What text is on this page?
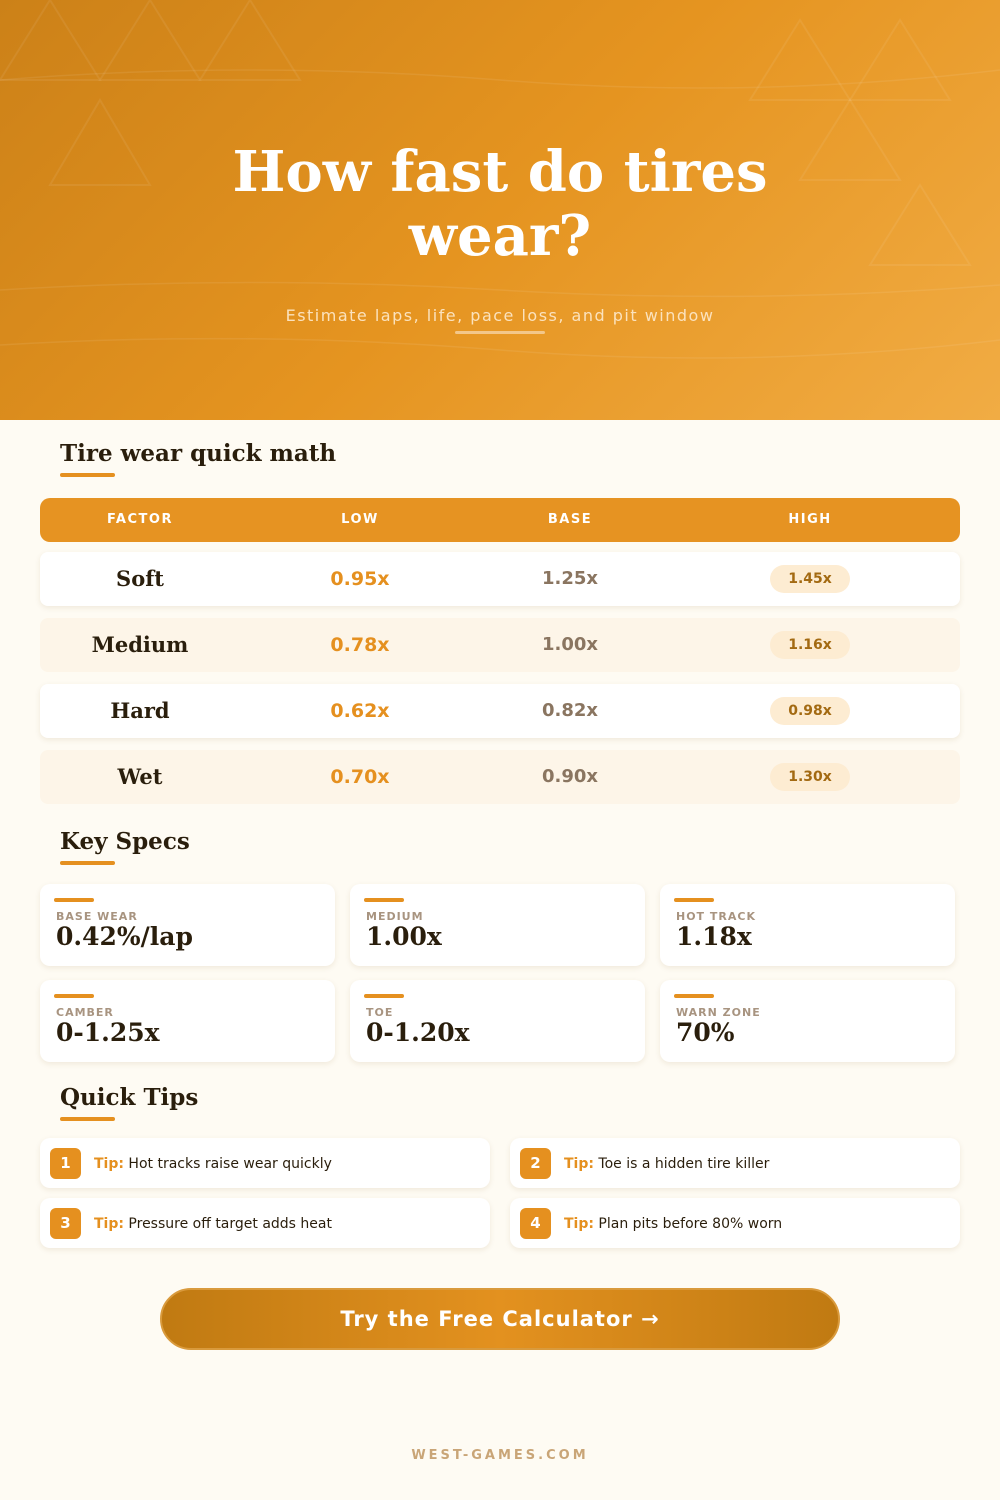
How fast do tires wear?
Estimate laps, life, pace loss, and pit window
Tire wear quick math
FACTOR	LOW	BASE	HIGH
Soft	0.95x	1.25x	1.45x
Medium	0.78x	1.00x	1.16x
Hard	0.62x	0.82x	0.98x
Wet	0.70x	0.90x	1.30x
Key Specs
BASE WEAR
0.42%/lap
MEDIUM
1.00x
HOT TRACK
1.18x
CAMBER
0-1.25x
TOE
0-1.20x
WARN ZONE
70%
Quick Tips
1	Tip: Hot tracks raise wear quickly	2	Tip: Toe is a hidden tire killer
3	Tip: Pressure off target adds heat	4	Tip: Plan pits before 80% worn
Try the Free Calculator →
WEST-GAMES.COM
